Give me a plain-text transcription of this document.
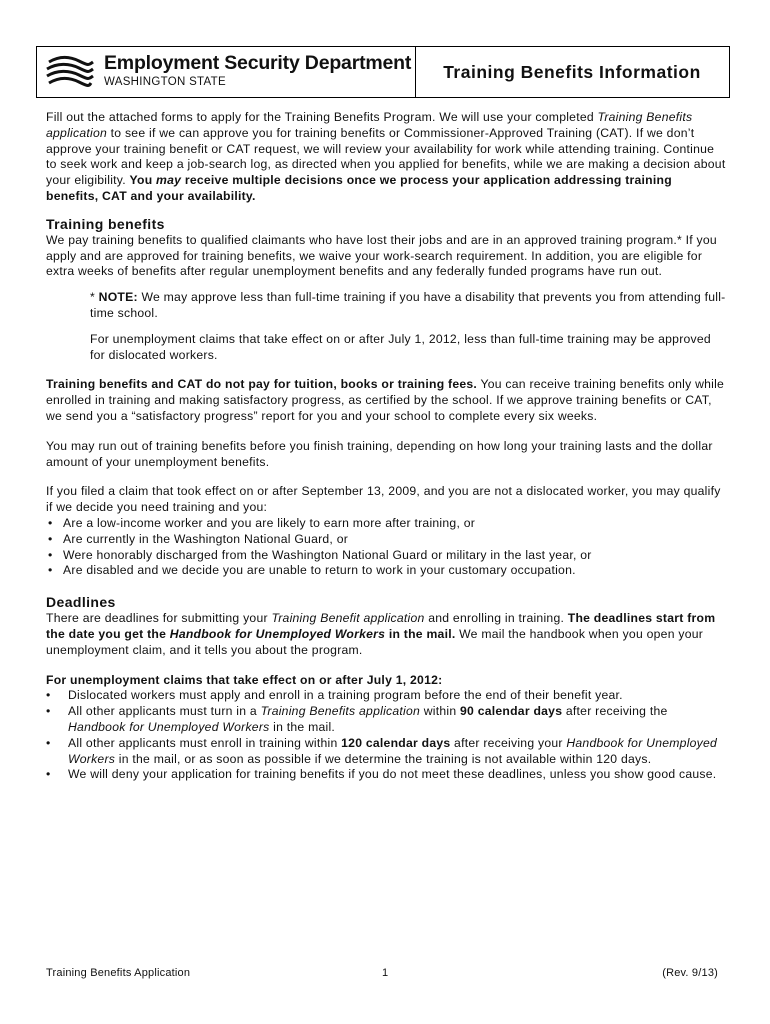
Employment Security Department
WASHINGTON STATE	Training Benefits Information

Fill out the attached forms to apply for the Training Benefits Program. We will use your completed Training Benefits application to see if we can approve you for training benefits or Commissioner-Approved Training (CAT). If we don’t approve your training benefit or CAT request, we will review your availability for work while attending training. Continue to seek work and keep a job-search log, as directed when you applied for benefits, while we are making a decision about your eligibility. You may receive multiple decisions once we process your application addressing training benefits, CAT and your availability.

Training benefits

We pay training benefits to qualified claimants who have lost their jobs and are in an approved training program.* If you apply and are approved for training benefits, we waive your work-search requirement. In addition, you are eligible for extra weeks of benefits after regular unemployment benefits and any federally funded programs have run out.

* NOTE: We may approve less than full-time training if you have a disability that prevents you from attending full-time school.

For unemployment claims that take effect on or after July 1, 2012, less than full-time training may be approved for dislocated workers.

Training benefits and CAT do not pay for tuition, books or training fees. You can receive training benefits only while enrolled in training and making satisfactory progress, as certified by the school. If we approve training benefits or CAT, we send you a “satisfactory progress” report for you and your school to complete every six weeks.

You may run out of training benefits before you finish training, depending on how long your training lasts and the dollar amount of your unemployment benefits.

If you filed a claim that took effect on or after September 13, 2009, and you are not a dislocated worker, you may qualify if we decide you need training and you:

• Are a low-income worker and you are likely to earn more after training, or
• Are currently in the Washington National Guard, or
• Were honorably discharged from the Washington National Guard or military in the last year, or
• Are disabled and we decide you are unable to return to work in your customary occupation.
Deadlines

There are deadlines for submitting your Training Benefit application and enrolling in training. The deadlines start from the date you get the Handbook for Unemployed Workers in the mail. We mail the handbook when you open your unemployment claim, and it tells you about the program.

For unemployment claims that take effect on or after July 1, 2012:

• Dislocated workers must apply and enroll in a training program before the end of their benefit year.
• All other applicants must turn in a Training Benefits application within 90 calendar days after receiving the Handbook for Unemployed Workers in the mail.
• All other applicants must enroll in training within 120 calendar days after receiving your Handbook for Unemployed Workers in the mail, or as soon as possible if we determine the training is not available within 120 days.
• We will deny your application for training benefits if you do not meet these deadlines, unless you show good cause.
Training Benefits Application	1	(Rev. 9/13)
